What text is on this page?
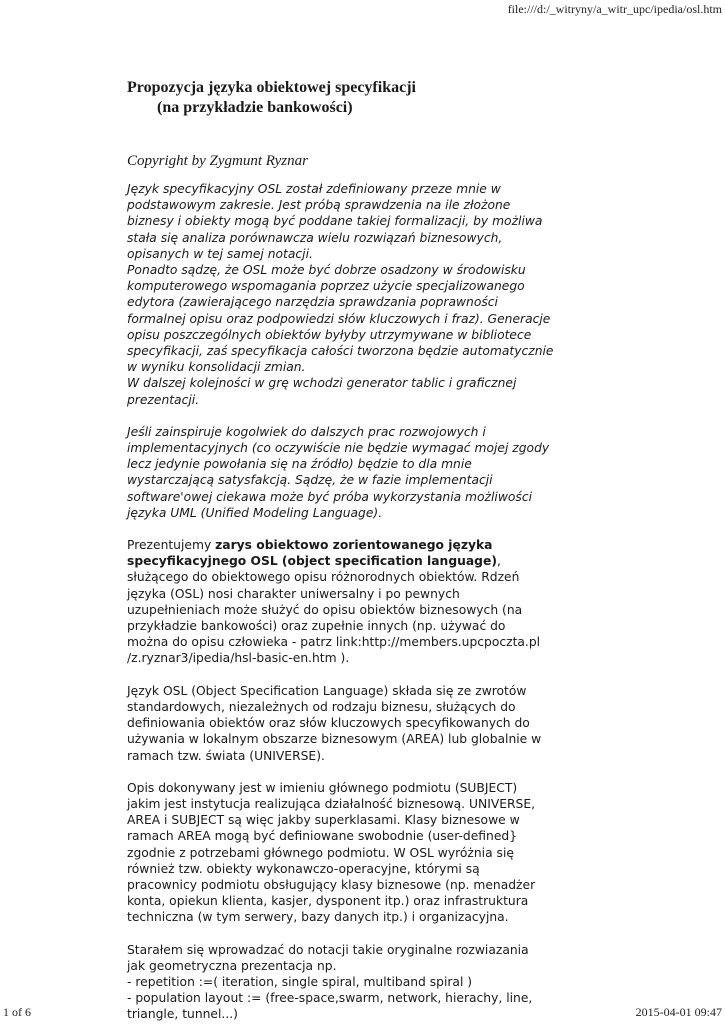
file:///d:/_witryny/a_witr_upc/ipedia/osl.htm
Propozycja języka obiektowej specyfikacji
(na przykładzie bankowości)

Copyright by Zygmunt Ryznar

Język specyfikacyjny OSL został zdefiniowany przeze mnie w
podstawowym zakresie. Jest próbą sprawdzenia na ile złożone
biznesy i obiekty mogą być poddane takiej formalizacji, by możliwa
stała się analiza porównawcza wielu rozwiązań biznesowych,
opisanych w tej samej notacji.
Ponadto sądzę, że OSL może być dobrze osadzony w środowisku
komputerowego wspomagania poprzez użycie specjalizowanego
edytora (zawierającego narzędzia sprawdzania poprawności
formalnej opisu oraz podpowiedzi słów kluczowych i fraz). Generacje
opisu poszczególnych obiektów byłyby utrzymywane w bibliotece
specyfikacji, zaś specyfikacja całości tworzona będzie automatycznie
w wyniku konsolidacji zmian.
W dalszej kolejności w grę wchodzi generator tablic i graficznej
prezentacji.

Jeśli zainspiruje kogolwiek do dalszych prac rozwojowych i
implementacyjnych (co oczywiście nie będzie wymagać mojej zgody
lecz jedynie powołania się na źródło) będzie to dla mnie
wystarczającą satysfakcją. Sądzę, że w fazie implementacji
software'owej ciekawa może być próba wykorzystania możliwości
języka UML (Unified Modeling Language).

Prezentujemy zarys obiektowo zorientowanego języka
specyfikacyjnego OSL (object specification language),
służącego do obiektowego opisu różnorodnych obiektów. Rdzeń
języka (OSL) nosi charakter uniwersalny i po pewnych
uzupełnieniach może służyć do opisu obiektów biznesowych (na
przykładzie bankowości) oraz zupełnie innych (np. używać do
można do opisu człowieka - patrz link:http://members.upcpoczta.pl
/z.ryznar3/ipedia/hsl-basic-en.htm ).

Język OSL (Object Specification Language) składa się ze zwrotów
standardowych, niezależnych od rodzaju biznesu, służących do
definiowania obiektów oraz słów kluczowych specyfikowanych do
używania w lokalnym obszarze biznesowym (AREA) lub globalnie w
ramach tzw. świata (UNIVERSE).

Opis dokonywany jest w imieniu głównego podmiotu (SUBJECT)
jakim jest instytucja realizująca działalność biznesową. UNIVERSE,
AREA i SUBJECT są więc jakby superklasami. Klasy biznesowe w
ramach AREA mogą być definiowane swobodnie (user-defined}
zgodnie z potrzebami głównego podmiotu. W OSL wyróżnia się
również tzw. obiekty wykonawczo-operacyjne, którymi są
pracownicy podmiotu obsługujący klasy biznesowe (np. menadżer
konta, opiekun klienta, kasjer, dysponent itp.) oraz infrastruktura
techniczna (w tym serwery, bazy danych itp.) i organizacyjna.

Starałem się wprowadzać do notacji takie oryginalne rozwiazania
jak geometryczna prezentacja np.
- repetition :=( iteration, single spiral, multiband spiral )
- population layout := (free-space,swarm, network, hierachy, line,
triangle, tunnel...)

1 of 6	2015-04-01 09:47
